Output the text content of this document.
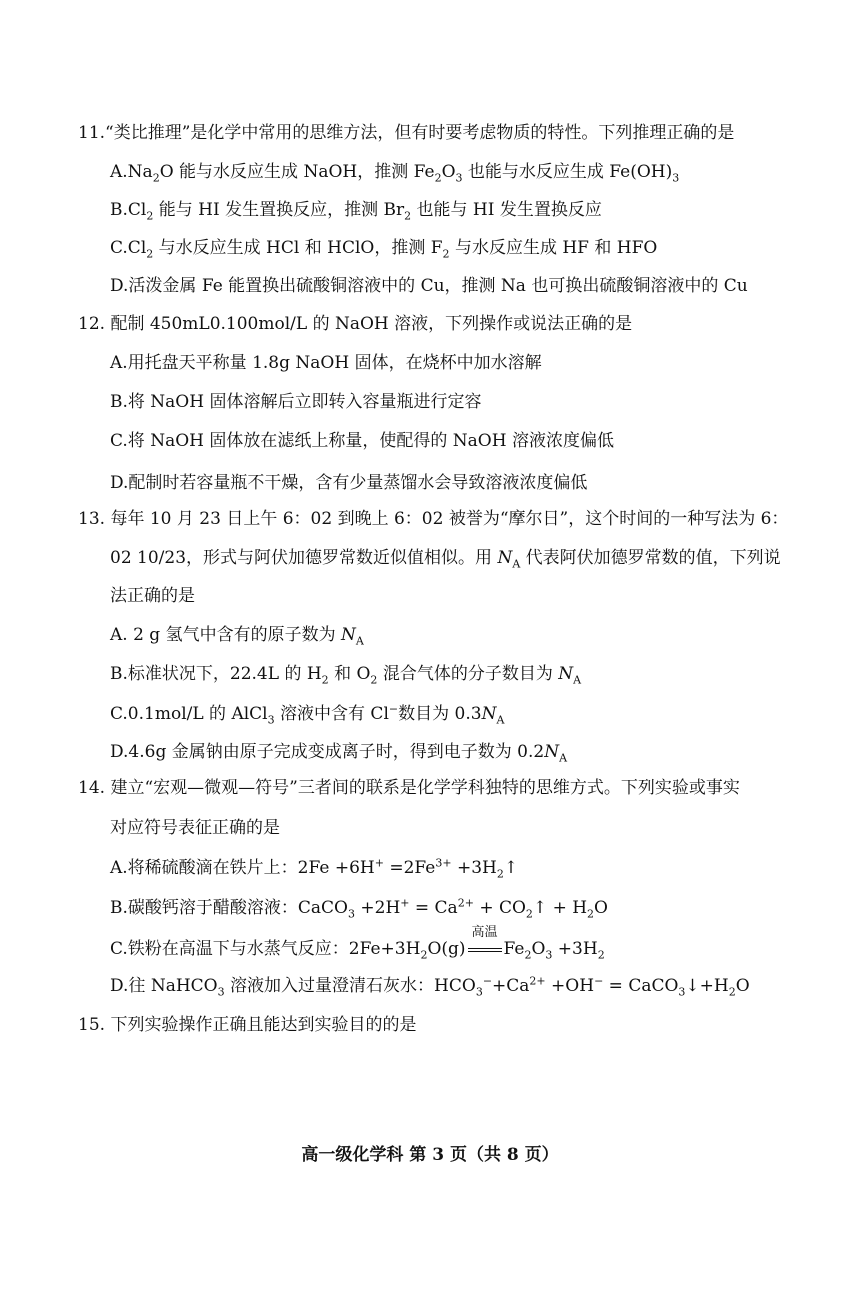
11.“类比推理”是化学中常用的思维方法，但有时要考虑物质的特性。下列推理正确的是
$A.Na_2O$ 能与水反应生成 NaOH，推测 $Fe_2O_3$ 也能与水反应生成 $Fe(OH)_3$
$B.Cl_2$ 能与 HI 发生置换反应，推测 $Br_2$ 也能与 HI 发生置换反应
$C.Cl_2$ 与水反应生成 HCl 和 HClO，推测 $F_2$ 与水反应生成 HF 和 HFO
D.活泼金属 Fe 能置换出硫酸铜溶液中的 Cu，推测 Na 也可换出硫酸铜溶液中的 Cu
12. 配制 450mL0.100mol/L 的 NaOH 溶液，下列操作或说法正确的是
A.用托盘天平称量 1.8g NaOH 固体，在烧杯中加水溶解
B.将 NaOH 固体溶解后立即转入容量瓶进行定容
C.将 NaOH 固体放在滤纸上称量，使配得的 NaOH 溶液浓度偏低
D.配制时若容量瓶不干燥，含有少量蒸馏水会导致溶液浓度偏低
13. 每年 10 月 23 日上午 6：02 到晚上 6：02 被誉为“摩尔日”，这个时间的一种写法为 6：
02 10/23，形式与阿伏加德罗常数近似值相似。用 $N_A$ 代表阿伏加德罗常数的值，下列说
法正确的是
A. 2 g 氢气中含有的原子数为 $N_A$
B.标准状况下，22.4L 的 $H_2$ 和 $O_2$ 混合气体的分子数目为 $N_A$
C.0.1mol/L 的 AlCl$_3$ 溶液中含有 Cl−数目为 $0.3N_A$
D.4.6g 金属钠由原子完成变成离子时，得到电子数为 $0.2N_A$
14. 建立“宏观—微观—符号”三者间的联系是化学学科独特的思维方式。下列实验或事实
对应符号表征正确的是
A.将稀硫酸滴在铁片上：$2Fe +6H^+ =2Fe^{3+}$ $+3H_2↑$
B.碳酸钙溶于醋酸溶液：CaCO$_3$ $+2H^+ = Ca^{2+}$ + $CO_2↑ + H_2O$
C.铁粉在高温下与水蒸气反应：$2Fe+3H_2O(g)$
高温
$Fe_2O_3 +3H_2$
D.往 NaHCO$_3$ 溶液加入过量澄清石灰水：$HCO_3^-+Ca^{2+} +OH^-$ = $CaCO_3↓+H_2O$
15. 下列实验操作正确且能达到实验目的的是
高一级化学科 第 3 页（共 8 页）
